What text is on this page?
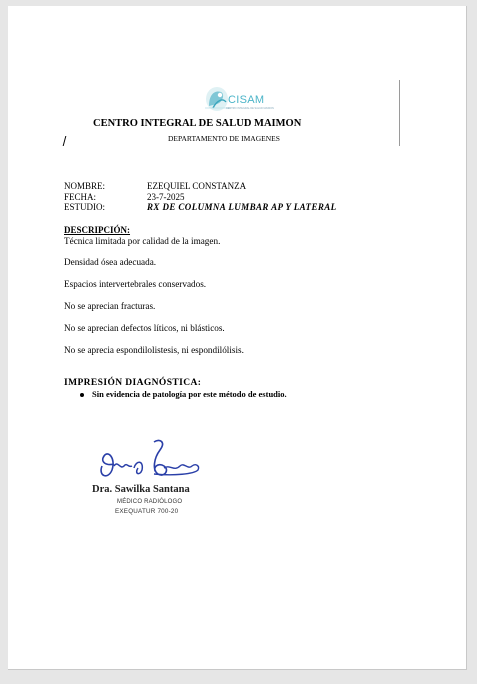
CISAM
CENTRO INTEGRAL DE SALUD MAIMON
CENTRO INTEGRAL DE SALUD MAIMON
DEPARTAMENTO DE IMAGENES
NOMBRE:	EZEQUIEL CONSTANZA
FECHA:	23-7-2025
ESTUDIO:	RX DE COLUMNA LUMBAR AP Y LATERAL
DESCRIPCIÓN:
Técnica limitada por calidad de la imagen.
Densidad ósea adecuada.
Espacios intervertebrales conservados.
No se aprecian fracturas.
No se aprecian defectos líticos, ni blásticos.
No se aprecia espondilolistesis, ni espondilólisis.
IMPRESIÓN DIAGNÓSTICA:
Sin evidencia de patología por este método de estudio.
Dra. Sawilka Santana
MÉDICO RADIÓLOGO
EXEQUATUR 700-20
